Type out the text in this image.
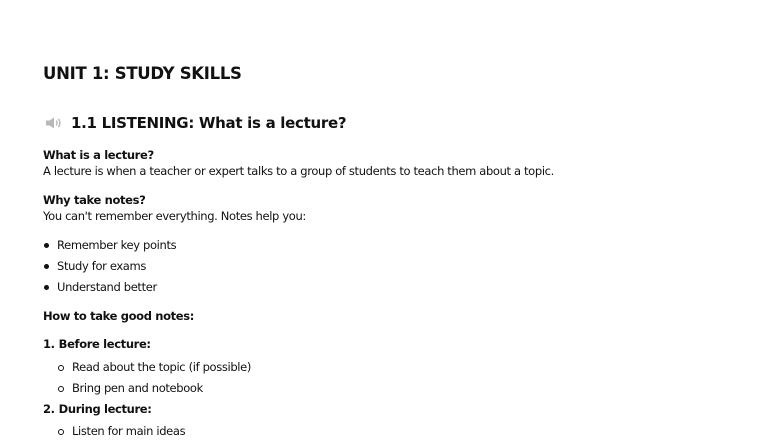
UNIT 1: STUDY SKILLS
1.1 LISTENING: What is a lecture?
What is a lecture?
A lecture is when a teacher or expert talks to a group of students to teach them about a topic.
Why take notes?
You can't remember everything. Notes help you:
Remember key points
Study for exams
Understand better
How to take good notes:
1. Before lecture:
Read about the topic (if possible)
Bring pen and notebook
2. During lecture:
Listen for main ideas
